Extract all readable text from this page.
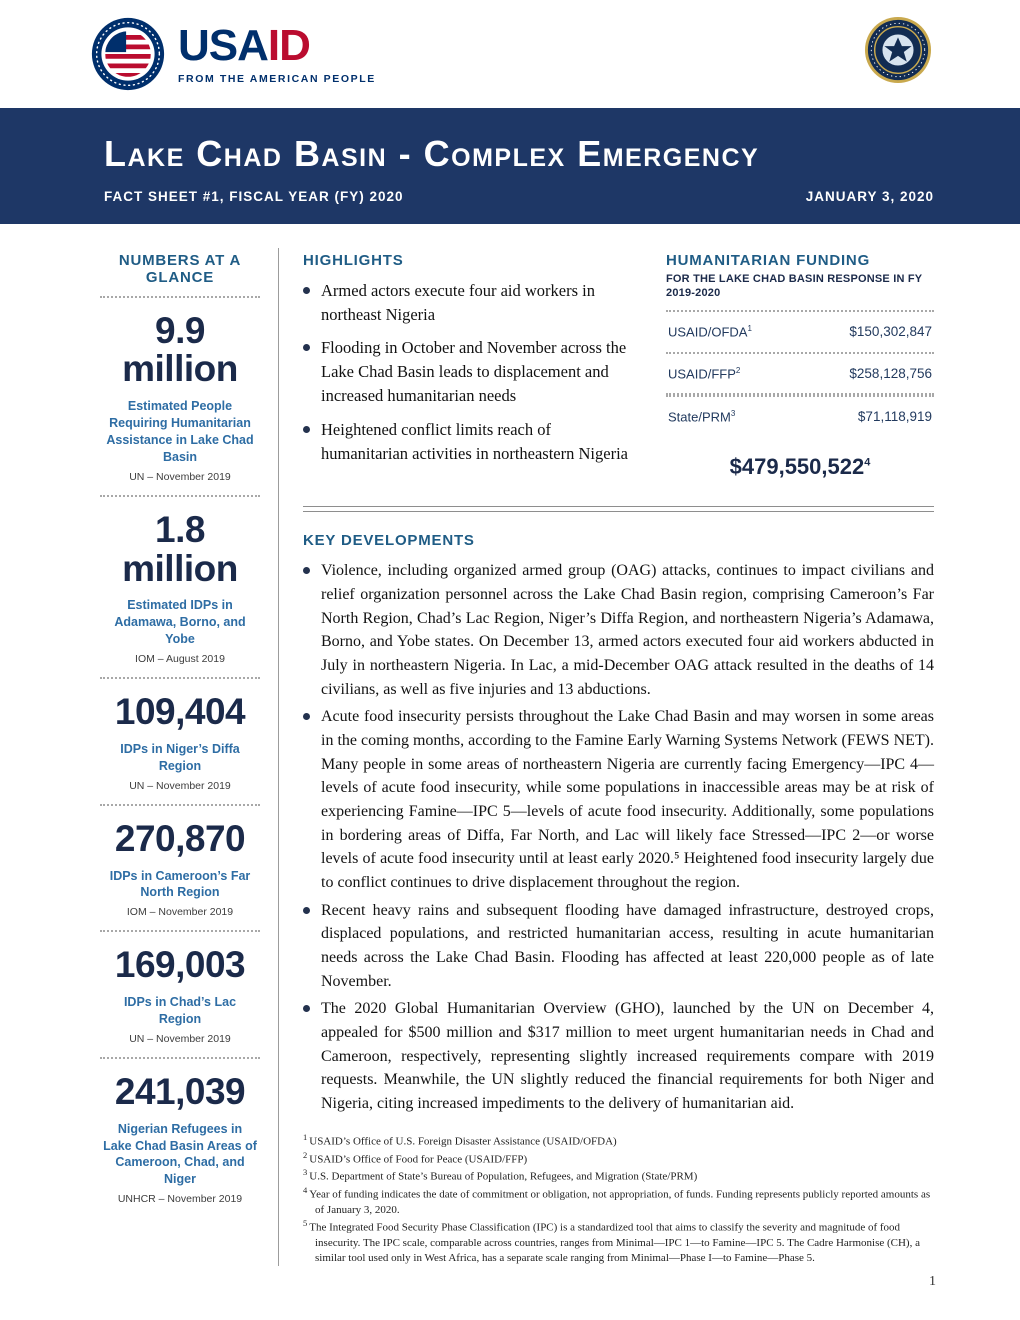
USAID
FROM THE AMERICAN PEOPLE
Lake Chad Basin - Complex Emergency
FACT SHEET #1, FISCAL YEAR (FY) 2020	JANUARY 3, 2020
NUMBERS AT A GLANCE
9.9 million
Estimated People Requiring Humanitarian Assistance in Lake Chad Basin
UN – November 2019
1.8 million
Estimated IDPs in Adamawa, Borno, and Yobe
IOM – August 2019
109,404
IDPs in Niger’s Diffa Region
UN – November 2019
270,870
IDPs in Cameroon’s Far North Region
IOM – November 2019
169,003
IDPs in Chad’s Lac Region
UN – November 2019
241,039
Nigerian Refugees in Lake Chad Basin Areas of Cameroon, Chad, and Niger
UNHCR – November 2019
HIGHLIGHTS
Armed actors execute four aid workers in northeast Nigeria
Flooding in October and November across the Lake Chad Basin leads to displacement and increased humanitarian needs
Heightened conflict limits reach of humanitarian activities in northeastern Nigeria
HUMANITARIAN FUNDING
FOR THE LAKE CHAD BASIN RESPONSE IN FY 2019-2020
USAID/OFDA$^1$	$150,302,847
USAID/FFP$^2$	$258,128,756
State/PRM$^3$	$71,118,919
$479,550,522$^4$
KEY DEVELOPMENTS
Violence, including organized armed group (OAG) attacks, continues to impact civilians and relief organization personnel across the Lake Chad Basin region, comprising Cameroon’s Far North Region, Chad’s Lac Region, Niger’s Diffa Region, and northeastern Nigeria’s Adamawa, Borno, and Yobe states. On December 13, armed actors executed four aid workers abducted in July in northeastern Nigeria. In Lac, a mid-December OAG attack resulted in the deaths of 14 civilians, as well as five injuries and 13 abductions.
Acute food insecurity persists throughout the Lake Chad Basin and may worsen in some areas in the coming months, according to the Famine Early Warning Systems Network (FEWS NET). Many people in some areas of northeastern Nigeria are currently facing Emergency—IPC 4—levels of acute food insecurity, while some populations in inaccessible areas may be at risk of experiencing Famine—IPC 5—levels of acute food insecurity. Additionally, some populations in bordering areas of Diffa, Far North, and Lac will likely face Stressed—IPC 2—or worse levels of acute food insecurity until at least early 2020.⁵ Heightened food insecurity largely due to conflict continues to drive displacement throughout the region.
Recent heavy rains and subsequent flooding have damaged infrastructure, destroyed crops, displaced populations, and restricted humanitarian access, resulting in acute humanitarian needs across the Lake Chad Basin. Flooding has affected at least 220,000 people as of late November.
The 2020 Global Humanitarian Overview (GHO), launched by the UN on December 4, appealed for $500 million and $317 million to meet urgent humanitarian needs in Chad and Cameroon, respectively, representing slightly increased requirements compare with 2019 requests. Meanwhile, the UN slightly reduced the financial requirements for both Niger and Nigeria, citing increased impediments to the delivery of humanitarian aid.
$^1$ USAID’s Office of U.S. Foreign Disaster Assistance (USAID/OFDA)
$^2$ USAID’s Office of Food for Peace (USAID/FFP)
$^3$ U.S. Department of State’s Bureau of Population, Refugees, and Migration (State/PRM)
$^4$ Year of funding indicates the date of commitment or obligation, not appropriation, of funds. Funding represents publicly reported amounts as of January 3, 2020.
$^5$ The Integrated Food Security Phase Classification (IPC) is a standardized tool that aims to classify the severity and magnitude of food insecurity. The IPC scale, comparable across countries, ranges from Minimal—IPC 1—to Famine—IPC 5. The Cadre Harmonise (CH), a similar tool used only in West Africa, has a separate scale ranging from Minimal—Phase I—to Famine—Phase 5.
1
